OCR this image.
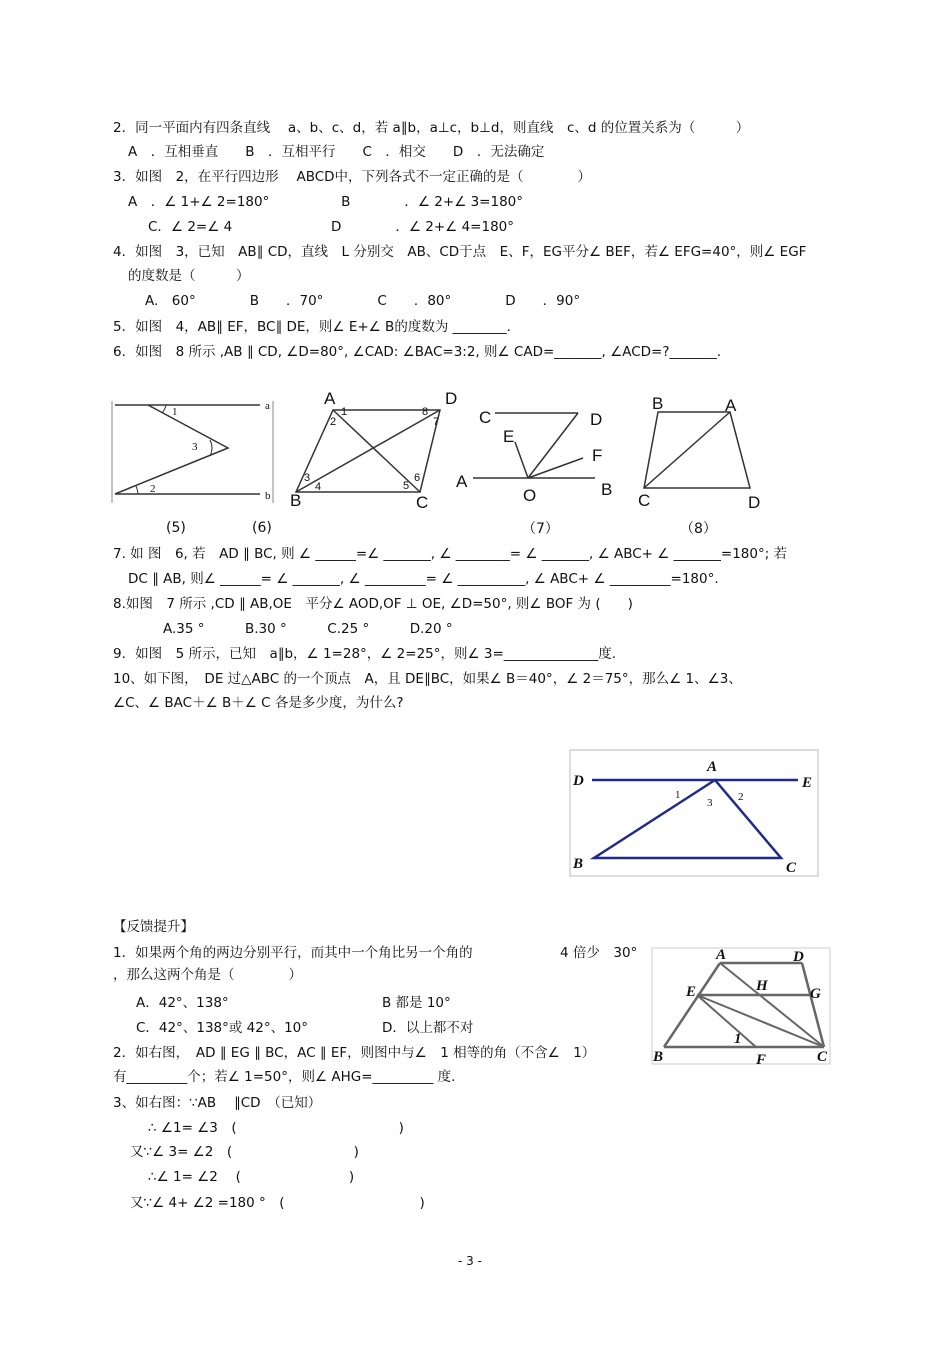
2．同一平面内有四条直线　 a、b、c、d，若 a∥b，a⊥c，b⊥d，则直线　c、d 的位置关系为（　　　）
A　．互相垂直　　B　．互相平行　　C　．相交　　D　．无法确定
3．如图　2，在平行四边形　 ABCD中，下列各式不一定正确的是（　　　　）
A　．∠ 1+∠ 2=180°　　　　　 B　　　　．∠ 2+∠ 3=180°
C．∠ 2=∠ 4　　　　　　　 D　　　　．∠ 2+∠ 4=180°
4．如图　3，已知　AB∥ CD，直线　L 分别交　AB、CD于点　E、F，EG平分∠ BEF，若∠ EFG=40°，则∠ EGF
的度数是（　　　）
A.　60°　　　　B　　．70°　　　　C　　．80°　　　　D　　．90°
5．如图　4，AB∥ EF，BC∥ DE，则∠ E+∠ B的度数为 ________．
6．如图　8 所示 ,AB ∥ CD, ∠D=80°, ∠CAD: ∠BAC=3:2, 则∠ CAD=_______, ∠ACD=?_______.
a
b
1
3
2
A	D
B	C
1
2
8
7
3
4	5
6
C	D
E
F
A
O	B
B	A
C	D
(5)	(6)	（7）	（8）
7. 如 图　6, 若　AD ∥ BC, 则 ∠ ______=∠ _______, ∠ ________= ∠ _______, ∠ ABC+ ∠ _______=180°; 若
DC ∥ AB, 则∠ ______= ∠ _______, ∠ _________= ∠ __________, ∠ ABC+ ∠ _________=180°.
8.如图　7 所示 ,CD ∥ AB,OE　平分∠ AOD,OF ⊥ OE, ∠D=50°, 则∠ BOF 为 (　　)
A.35 °　　　B.30 °　　　C.25 °　　　D.20 °
9．如图　5 所示，已知　a∥b，∠ 1=28°，∠ 2=25°，则∠ 3=______________度.
10、如下图，　DE 过△ABC 的一个顶点　A，且 DE∥BC，如果∠ B＝40°，∠ 2＝75°，那么∠ 1、∠3、
∠C、∠ BAC＋∠ B＋∠ C 各是多少度，为什么?
D	E
A
B	C
1
3 2
【反馈提升】
1．如果两个角的两边分别平行，而其中一个角比另一个角的	4 倍少　30°
，那么这两个角是（　　　　）
A．42°、138°	B 都是 10°
C．42°、138°或 42°、10°	D．以上都不对
2．如右图，　AD ∥ EG ∥ BC，AC ∥ EF，则图中与∠　1 相等的角（不含∠　1）
有_________个；若∠ 1=50°，则∠ AHG=_________ 度.
3、如右图：∵AB　 ∥CD　（已知）
∴ ∠1= ∠3　(　　　　　　　　　　　　)
又∵∠ 3= ∠2　(　　　　　　　　　)
∴∠ 1= ∠2　 (　　　　　　　　)
又∵∠ 4+ ∠2 =180 °　(　　　　　　　　　　)
A	D
E	H	G
B
1
F	C
- 3 -
